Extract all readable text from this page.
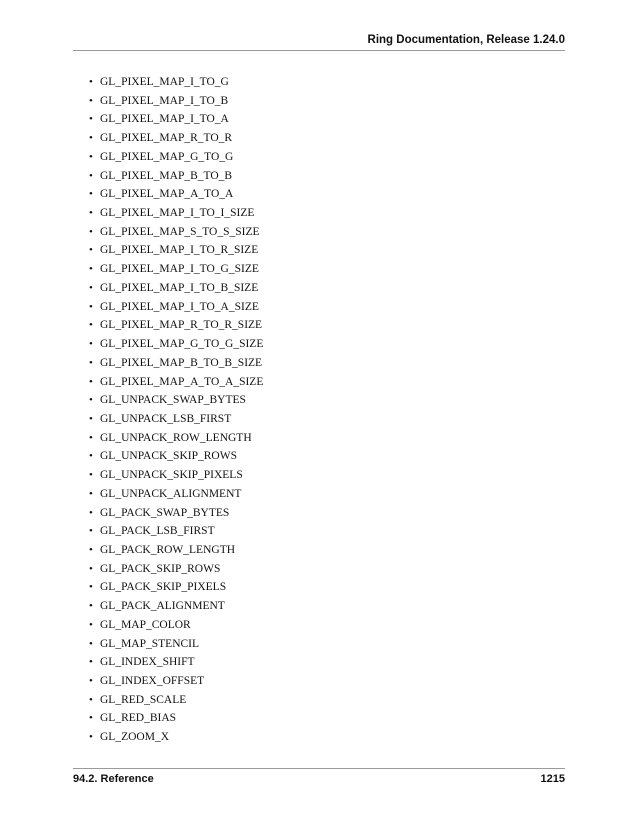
Ring Documentation, Release 1.24.0
• GL_PIXEL_MAP_I_TO_G
• GL_PIXEL_MAP_I_TO_B
• GL_PIXEL_MAP_I_TO_A
• GL_PIXEL_MAP_R_TO_R
• GL_PIXEL_MAP_G_TO_G
• GL_PIXEL_MAP_B_TO_B
• GL_PIXEL_MAP_A_TO_A
• GL_PIXEL_MAP_I_TO_I_SIZE
• GL_PIXEL_MAP_S_TO_S_SIZE
• GL_PIXEL_MAP_I_TO_R_SIZE
• GL_PIXEL_MAP_I_TO_G_SIZE
• GL_PIXEL_MAP_I_TO_B_SIZE
• GL_PIXEL_MAP_I_TO_A_SIZE
• GL_PIXEL_MAP_R_TO_R_SIZE
• GL_PIXEL_MAP_G_TO_G_SIZE
• GL_PIXEL_MAP_B_TO_B_SIZE
• GL_PIXEL_MAP_A_TO_A_SIZE
• GL_UNPACK_SWAP_BYTES
• GL_UNPACK_LSB_FIRST
• GL_UNPACK_ROW_LENGTH
• GL_UNPACK_SKIP_ROWS
• GL_UNPACK_SKIP_PIXELS
• GL_UNPACK_ALIGNMENT
• GL_PACK_SWAP_BYTES
• GL_PACK_LSB_FIRST
• GL_PACK_ROW_LENGTH
• GL_PACK_SKIP_ROWS
• GL_PACK_SKIP_PIXELS
• GL_PACK_ALIGNMENT
• GL_MAP_COLOR
• GL_MAP_STENCIL
• GL_INDEX_SHIFT
• GL_INDEX_OFFSET
• GL_RED_SCALE
• GL_RED_BIAS
• GL_ZOOM_X
94.2. Reference	1215
